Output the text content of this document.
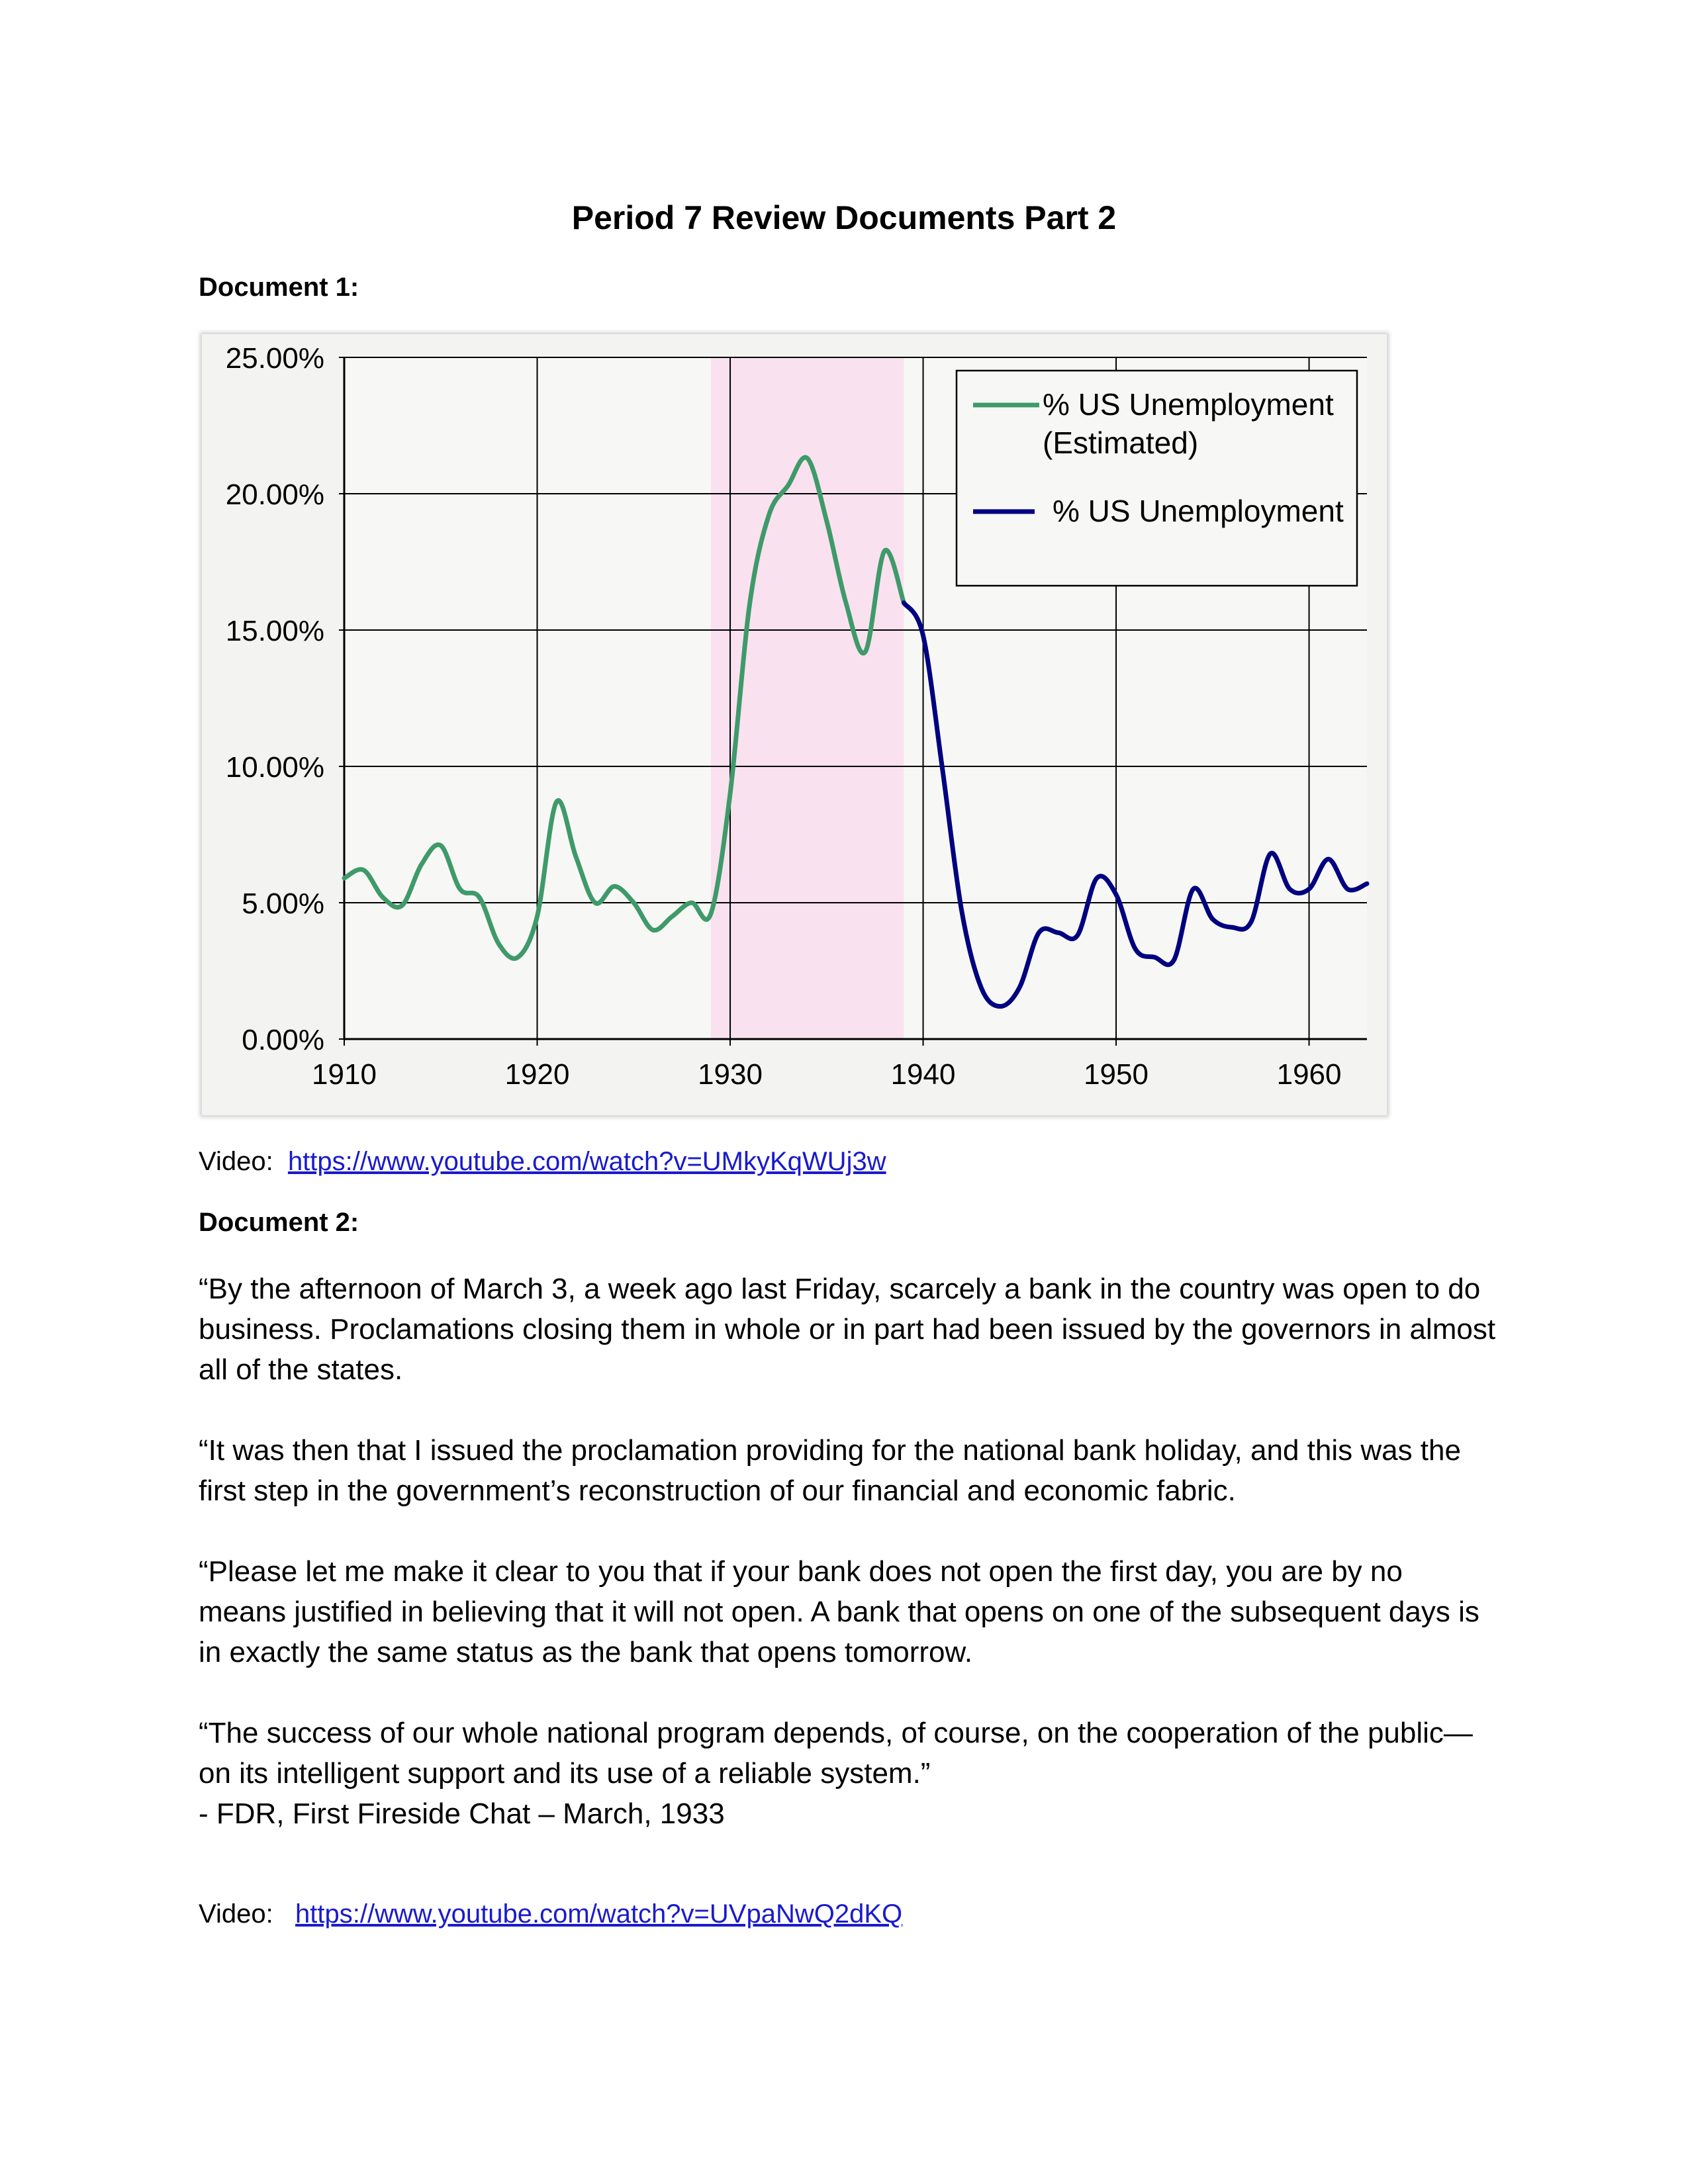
Period 7 Review Documents Part 2
Document 1:
0.00%
5.00%
10.00%
15.00%
20.00%
25.00%
1910	1920	1930	1940	1950	1960
% US Unemployment
(Estimated)
% US Unemployment
Video: https://www.youtube.com/watch?v=UMkyKqWUj3w
Document 2:

“By the afternoon of March 3, a week ago last Friday, scarcely a bank in the country was open to do business. Proclamations closing them in whole or in part had been issued by the governors in almost all of the states.

“It was then that I issued the proclamation providing for the national bank holiday, and this was the first step in the government’s reconstruction of our financial and economic fabric.

“Please let me make it clear to you that if your bank does not open the first day, you are by no means justified in believing that it will not open. A bank that opens on one of the subsequent days is in exactly the same status as the bank that opens tomorrow.

“The success of our whole national program depends, of course, on the cooperation of the public—on its intelligent support and its use of a reliable system.”

- FDR, First Fireside Chat – March, 1933

Video: https://www.youtube.com/watch?v=UVpaNwQ2dKQ
